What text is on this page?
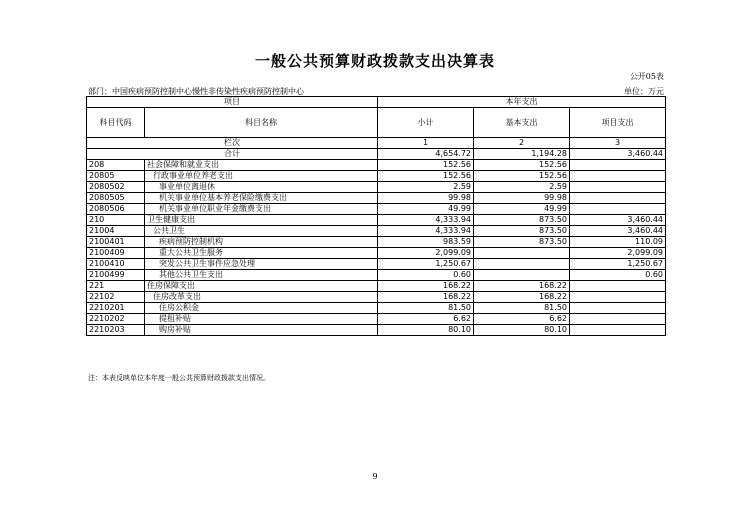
一般公共预算财政拨款支出决算表
公开05表
部门：中国疾病预防控制中心慢性非传染性疾病预防控制中心	单位：万元
项目		本年支出		
科目代码	科目名称	小计	基本支出	项目支出
栏次		1	2	3
合计		4,654.72	1,194.28	3,460.44
208	社会保障和就业支出	152.56	152.56	
20805	行政事业单位养老支出	152.56	152.56	
2080502	事业单位离退休	2.59	2.59	
2080505	机关事业单位基本养老保险缴费支出	99.98	99.98	
2080506	机关事业单位职业年金缴费支出	49.99	49.99	
210	卫生健康支出	4,333.94	873.50	3,460.44
21004	公共卫生	4,333.94	873.50	3,460.44
2100401	疾病预防控制机构	983.59	873.50	110.09
2100409	重大公共卫生服务	2,099.09		2,099.09
2100410	突发公共卫生事件应急处理	1,250.67		1,250.67
2100499	其他公共卫生支出	0.60		0.60
221	住房保障支出	168.22	168.22	
22102	住房改革支出	168.22	168.22	
2210201	住房公积金	81.50	81.50	
2210202	提租补贴	6.62	6.62	
2210203	购房补贴	80.10	80.10	
注：本表反映单位本年度一般公共预算财政拨款支出情况。
9
